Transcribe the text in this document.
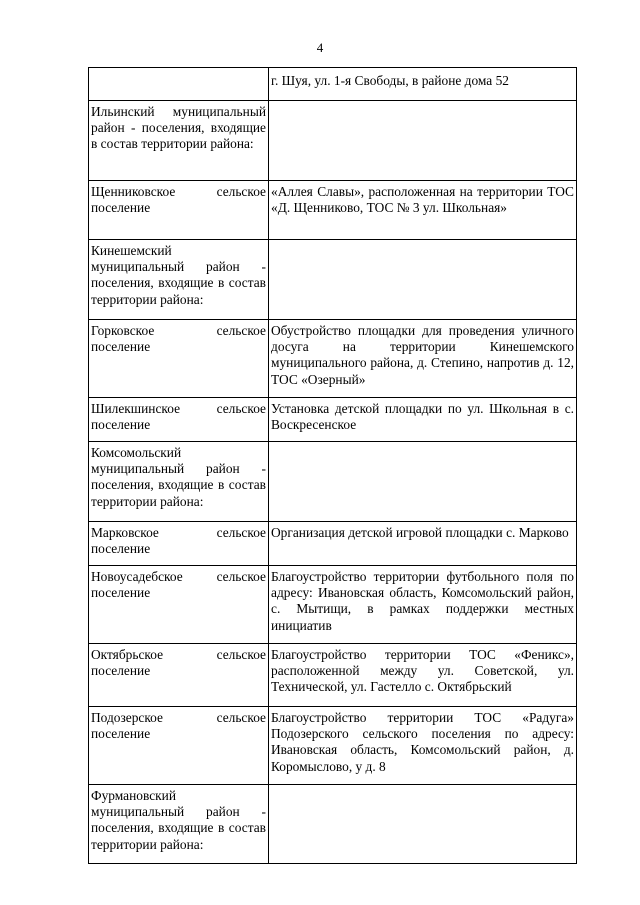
4
	г. Шуя, ул. 1-я Свободы, в районе дома 52
Ильинский муниципальный район - поселения, входящие в состав территории района:	
Щенниковское сельское поселение	«Аллея Славы», расположенная на территории ТОС «Д. Щенниково, ТОС № 3 ул. Школьная»
Кинешемский муниципальный район - поселения, входящие в состав территории района:	
Горковское сельское поселение	Обустройство площадки для проведения уличного досуга на территории Кинешемского муниципального района, д. Степино, напротив д. 12, ТОС «Озерный»
Шилекшинское сельское поселение	Установка детской площадки по ул. Школьная в с. Воскресенское
Комсомольский муниципальный район - поселения, входящие в состав территории района:	
Марковское сельское поселение	Организация детской игровой площадки с. Марково
Новоусадебское сельское поселение	Благоустройство территории футбольного поля по адресу: Ивановская область, Комсомольский район, с. Мытищи, в рамках поддержки местных инициатив
Октябрьское сельское поселение	Благоустройство территории ТОС «Феникс», расположенной между ул. Советской, ул. Технической, ул. Гастелло с. Октябрьский
Подозерское сельское поселение	Благоустройство территории ТОС «Радуга» Подозерского сельского поселения по адресу: Ивановская область, Комсомольский район, д. Коромыслово, у д. 8
Фурмановский муниципальный район - поселения, входящие в состав территории района:	
